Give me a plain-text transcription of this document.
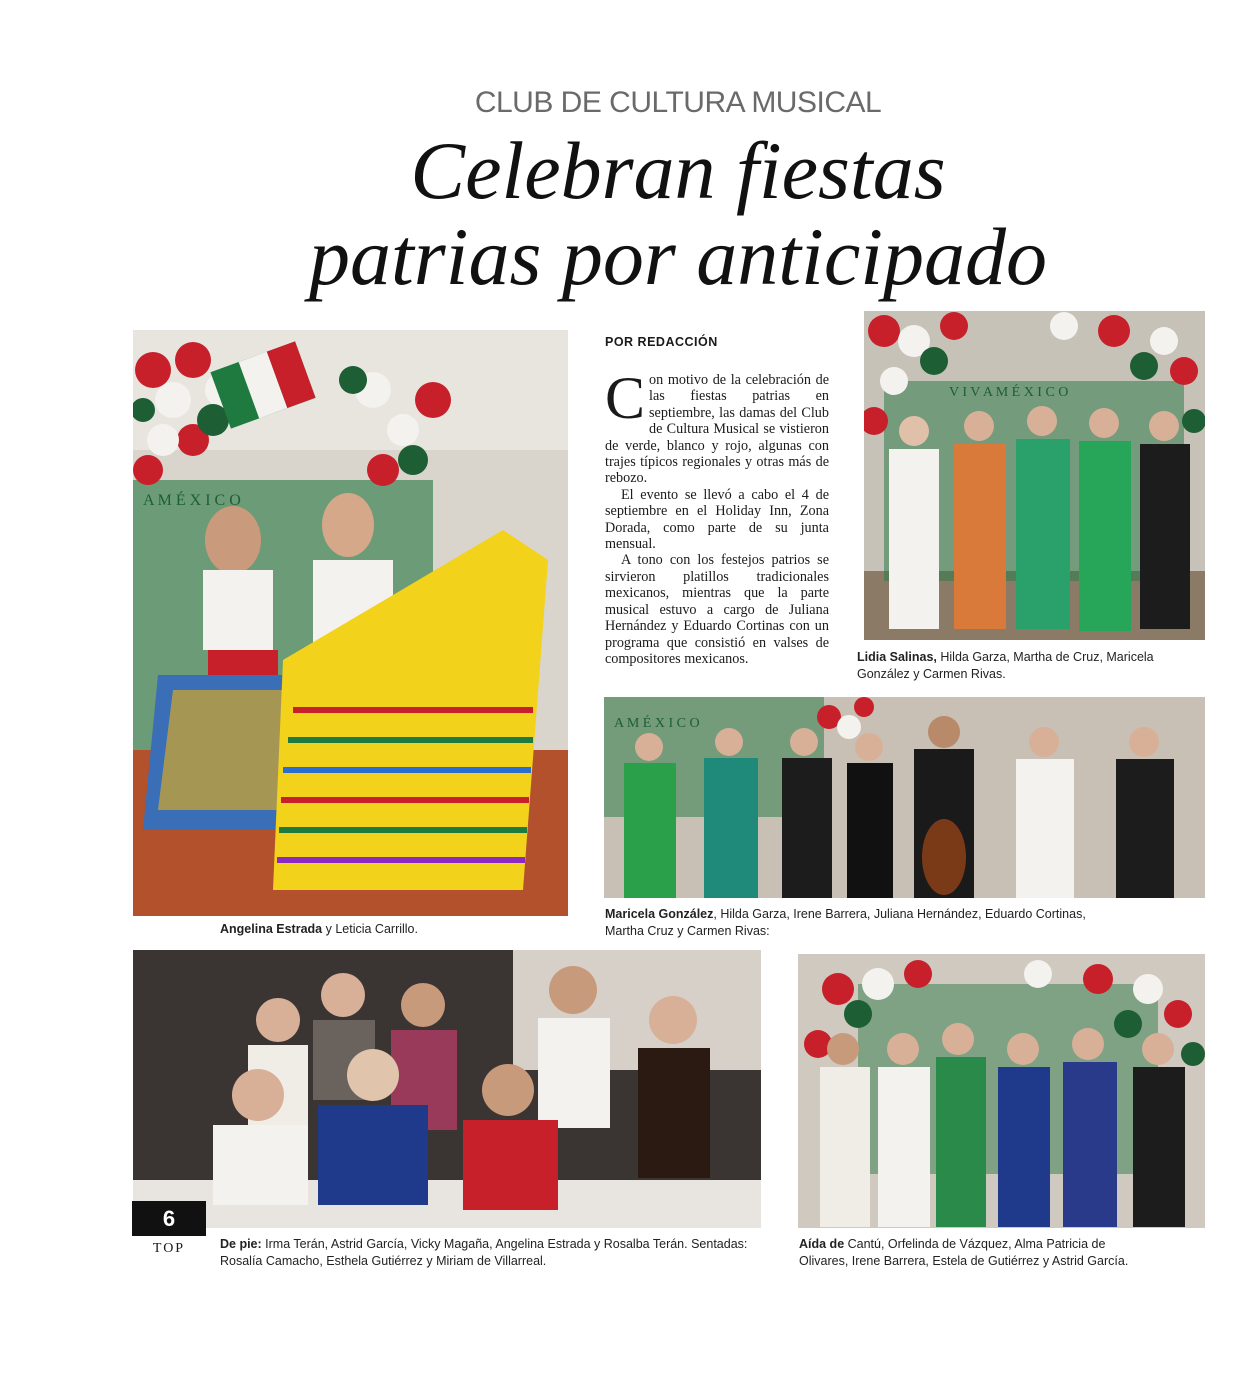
CLUB DE CULTURA MUSICAL
Celebran fiestas
patrias por anticipado
A M É X I C O
Angelina Estrada y Leticia Carrillo.
POR REDACCIÓN

Con motivo de la celebración de las fiestas patrias en septiembre, las damas del Club de Cultura Musical se vistieron de verde, blanco y rojo, algunas con trajes típicos regionales y otras más de rebozo.

El evento se llevó a cabo el 4 de septiembre en el Holiday Inn, Zona Dorada, como parte de su junta mensual.

A tono con los festejos patrios se sirvieron platillos tradicionales mexicanos, mientras que la parte musical estuvo a cargo de Juliana Hernández y Eduardo Cortinas con un programa que consistió en valses de compositores mexicanos.

V I V A M É X I C O
Lidia Salinas, Hilda Garza, Martha de Cruz, Maricela González y Carmen Rivas.
A M É X I C O
Maricela González, Hilda Garza, Irene Barrera, Juliana Hernández, Eduardo Cortinas, Martha Cruz y Carmen Rivas:
De pie: Irma Terán, Astrid García, Vicky Magaña, Angelina Estrada y Rosalba Terán. Sentadas: Rosalía Camacho, Esthela Gutiérrez y Miriam de Villarreal.
Aída de Cantú, Orfelinda de Vázquez, Alma Patricia de Olivares, Irene Barrera, Estela de Gutiérrez y Astrid García.
6
TOP
